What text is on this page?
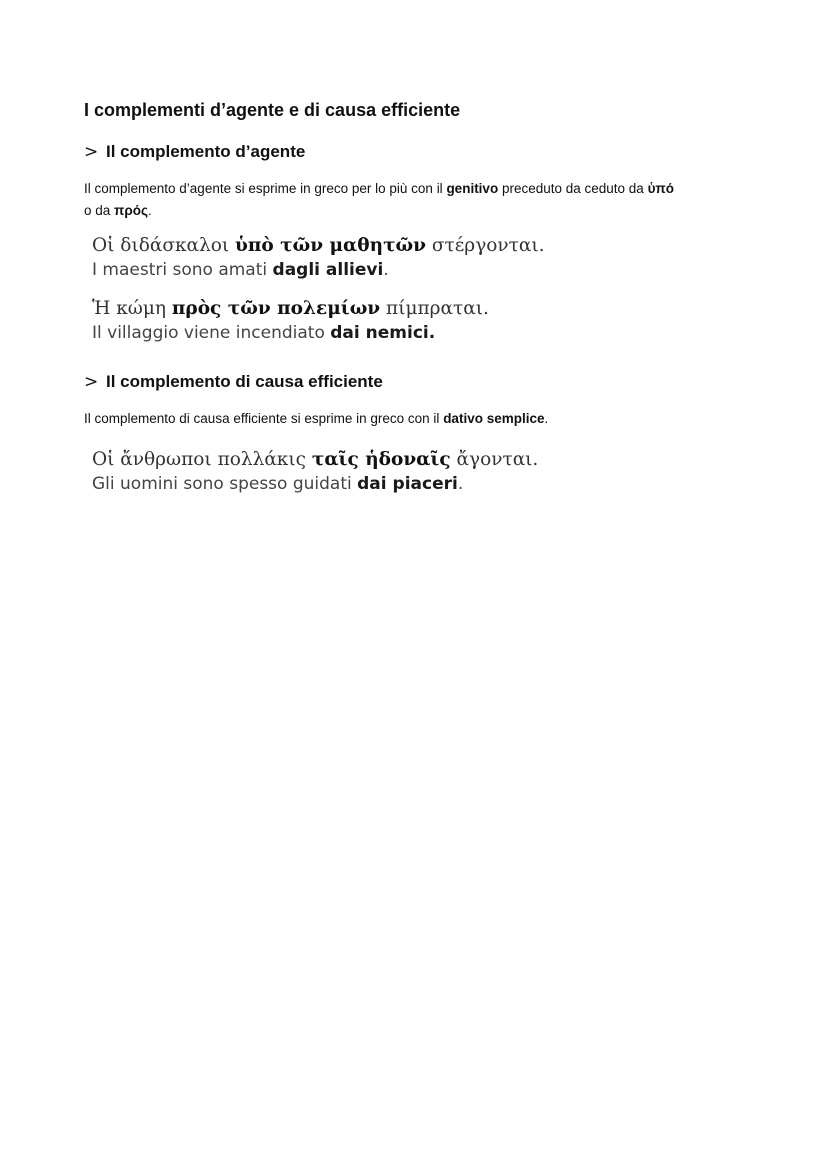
I complementi d’agente e di causa efficiente
> Il complemento d’agente

Il complemento d’agente si esprime in greco per lo più con il genitivo preceduto da ceduto da ὑπό
o da πρός.

Οἱ διδάσκαλοι ὑπὸ τῶν μαθητῶν στέργονται.
I maestri sono amati dagli allievi.
Ἡ κώμη πρὸς τῶν πολεμίων πίμπραται.
Il villaggio viene incendiato dai nemici.
> Il complemento di causa efficiente

Il complemento di causa efficiente si esprime in greco con il dativo semplice.

Οἱ ἄνθρωποι πολλάκις ταῖς ἡδοναῖς ἄγονται.
Gli uomini sono spesso guidati dai piaceri.
